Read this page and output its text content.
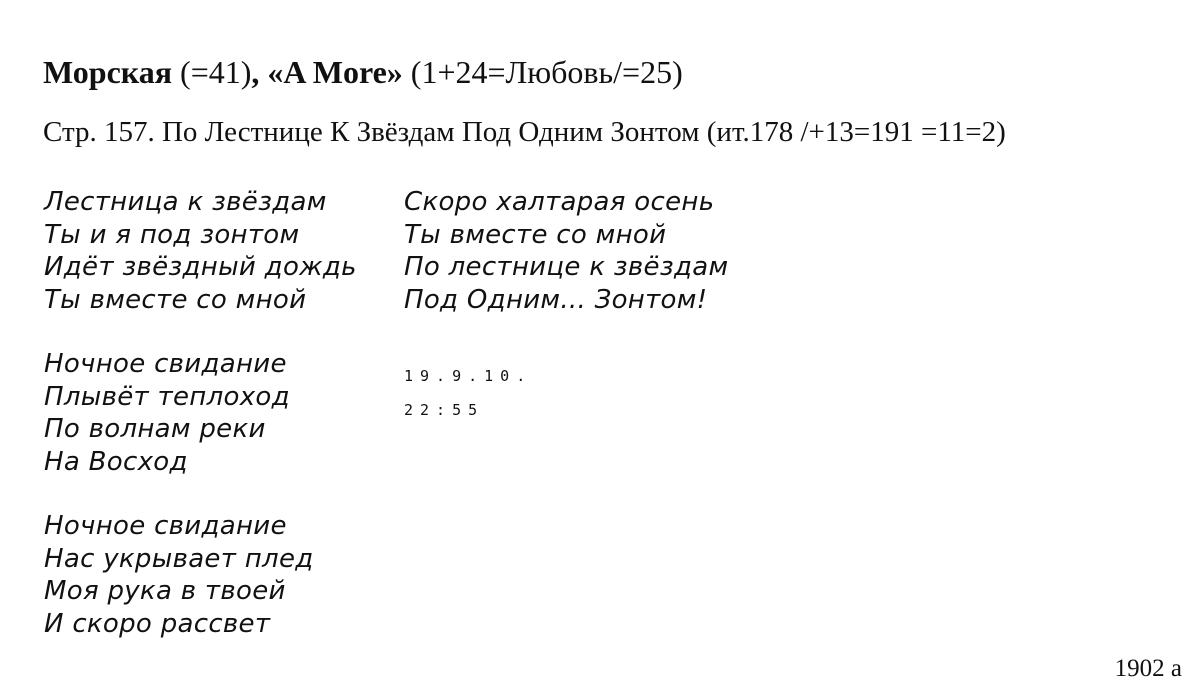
Морская (=41), «A More» (1+24=Любовь/=25)
Стр. 157. По Лестнице К Звёздам Под Одним Зонтом (ит.178 /+13=191 =11=2)
Лестница к звёздам
Ты и я под зонтом
Идёт звёздный дождь
Ты вместе со мной
Ночное свидание
Плывёт теплоход
По волнам реки
На Восход
Ночное свидание
Нас укрывает плед
Моя рука в твоей
И скоро рассвет
Скоро халтарая осень
Ты вместе со мной
По лестнице к звёздам
Под Одним... Зонтом!
19.9.10.
22:55
1902 а
